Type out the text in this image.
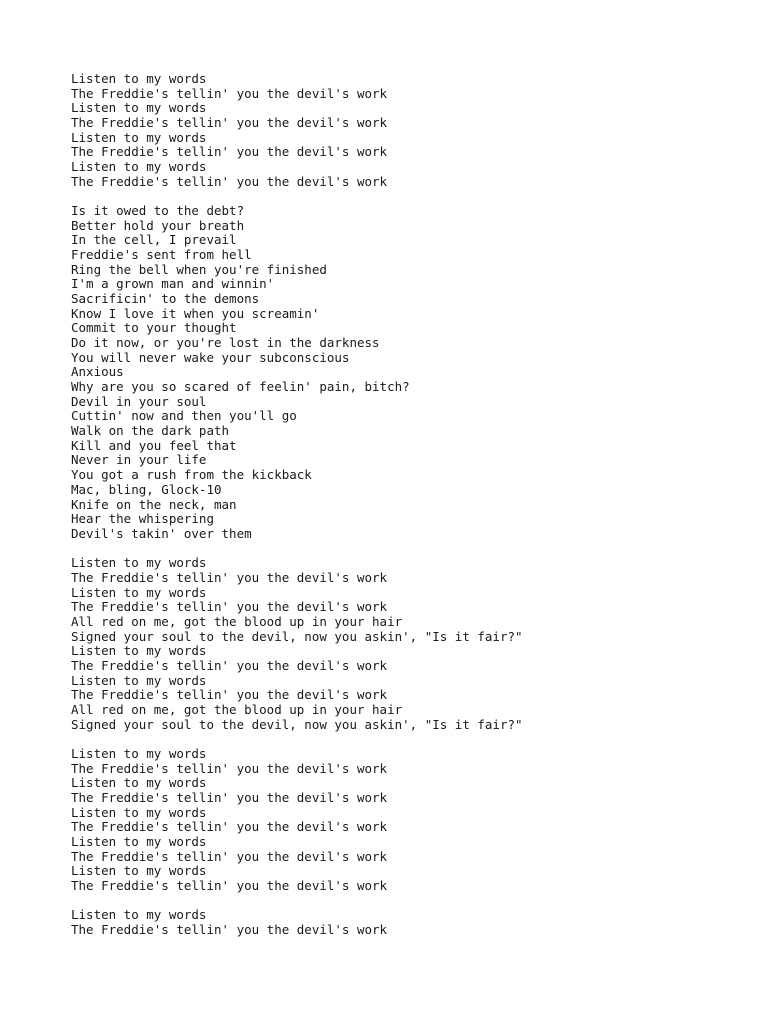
Listen to my words
The Freddie's tellin' you the devil's work
Listen to my words
The Freddie's tellin' you the devil's work
Listen to my words
The Freddie's tellin' you the devil's work
Listen to my words
The Freddie's tellin' you the devil's work
Is it owed to the debt?
Better hold your breath
In the cell, I prevail
Freddie's sent from hell
Ring the bell when you're finished
I'm a grown man and winnin'
Sacrificin' to the demons
Know I love it when you screamin'
Commit to your thought
Do it now, or you're lost in the darkness
You will never wake your subconscious
Anxious
Why are you so scared of feelin' pain, bitch?
Devil in your soul
Cuttin' now and then you'll go
Walk on the dark path
Kill and you feel that
Never in your life
You got a rush from the kickback
Mac, bling, Glock-10
Knife on the neck, man
Hear the whispering
Devil's takin' over them
Listen to my words
The Freddie's tellin' you the devil's work
Listen to my words
The Freddie's tellin' you the devil's work
All red on me, got the blood up in your hair
Signed your soul to the devil, now you askin', "Is it fair?"
Listen to my words
The Freddie's tellin' you the devil's work
Listen to my words
The Freddie's tellin' you the devil's work
All red on me, got the blood up in your hair
Signed your soul to the devil, now you askin', "Is it fair?"
Listen to my words
The Freddie's tellin' you the devil's work
Listen to my words
The Freddie's tellin' you the devil's work
Listen to my words
The Freddie's tellin' you the devil's work
Listen to my words
The Freddie's tellin' you the devil's work
Listen to my words
The Freddie's tellin' you the devil's work
Listen to my words
The Freddie's tellin' you the devil's work
